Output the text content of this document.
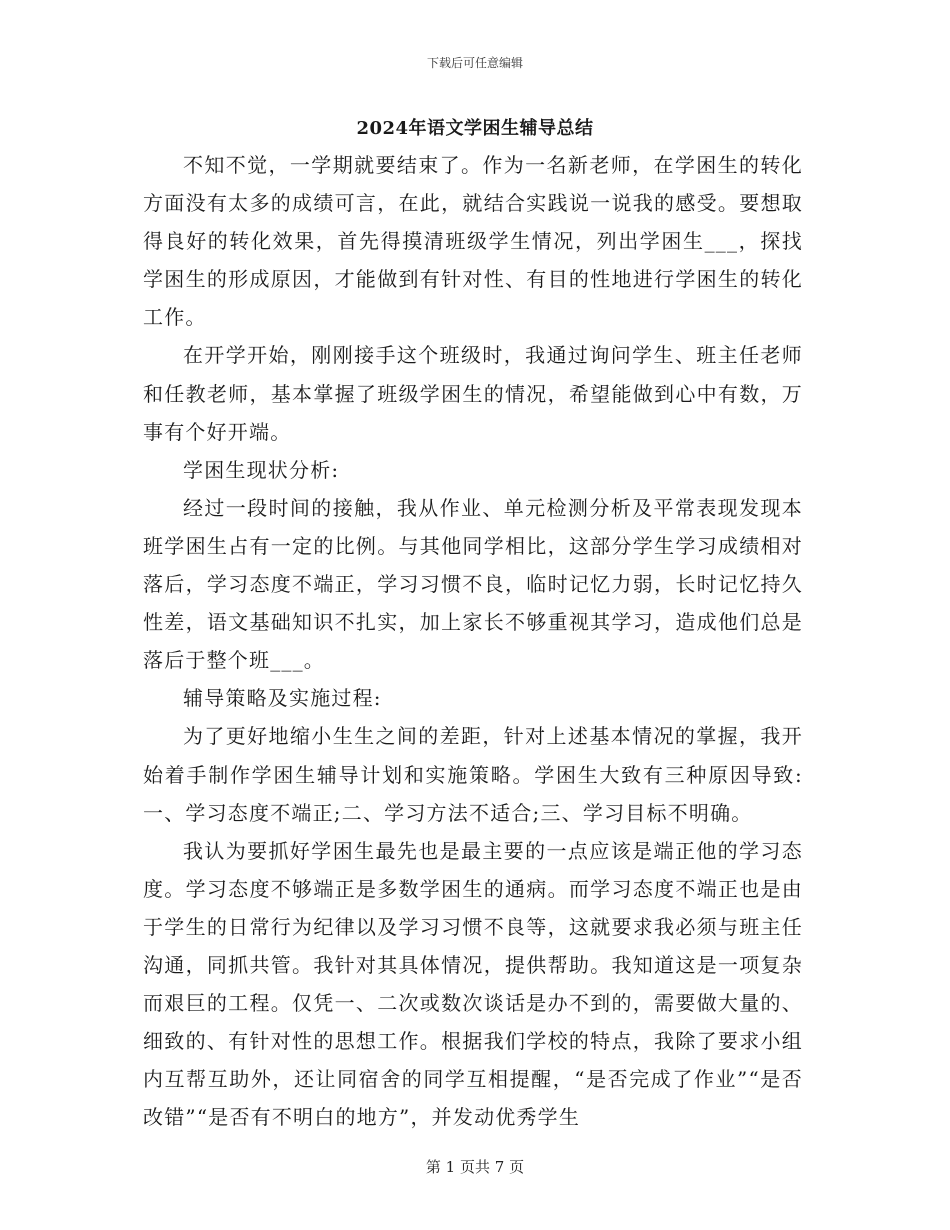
下载后可任意编辑
2024年语文学困生辅导总结

不知不觉，一学期就要结束了。作为一名新老师，在学困生的转化方面没有太多的成绩可言，在此，就结合实践说一说我的感受。要想取得良好的转化效果，首先得摸清班级学生情况，列出学困生___，探找学困生的形成原因，才能做到有针对性、有目的性地进行学困生的转化工作。

在开学开始，刚刚接手这个班级时，我通过询问学生、班主任老师和任教老师，基本掌握了班级学困生的情况，希望能做到心中有数，万事有个好开端。

学困生现状分析:

经过一段时间的接触，我从作业、单元检测分析及平常表现发现本班学困生占有一定的比例。与其他同学相比，这部分学生学习成绩相对落后，学习态度不端正，学习习惯不良，临时记忆力弱，长时记忆持久性差，语文基础知识不扎实，加上家长不够重视其学习，造成他们总是落后于整个班___。

辅导策略及实施过程:

为了更好地缩小生生之间的差距，针对上述基本情况的掌握，我开始着手制作学困生辅导计划和实施策略。学困生大致有三种原因导致:一、学习态度不端正;二、学习方法不适合;三、学习目标不明确。

我认为要抓好学困生最先也是最主要的一点应该是端正他的学习态度。学习态度不够端正是多数学困生的通病。而学习态度不端正也是由于学生的日常行为纪律以及学习习惯不良等，这就要求我必须与班主任沟通，同抓共管。我针对其具体情况，提供帮助。我知道这是一项复杂而艰巨的工程。仅凭一、二次或数次谈话是办不到的，需要做大量的、细致的、有针对性的思想工作。根据我们学校的特点，我除了要求小组内互帮互助外，还让同宿舍的同学互相提醒，“是否完成了作业”“是否改错”“是否有不明白的地方”，并发动优秀学生

第 1 页共 7 页
